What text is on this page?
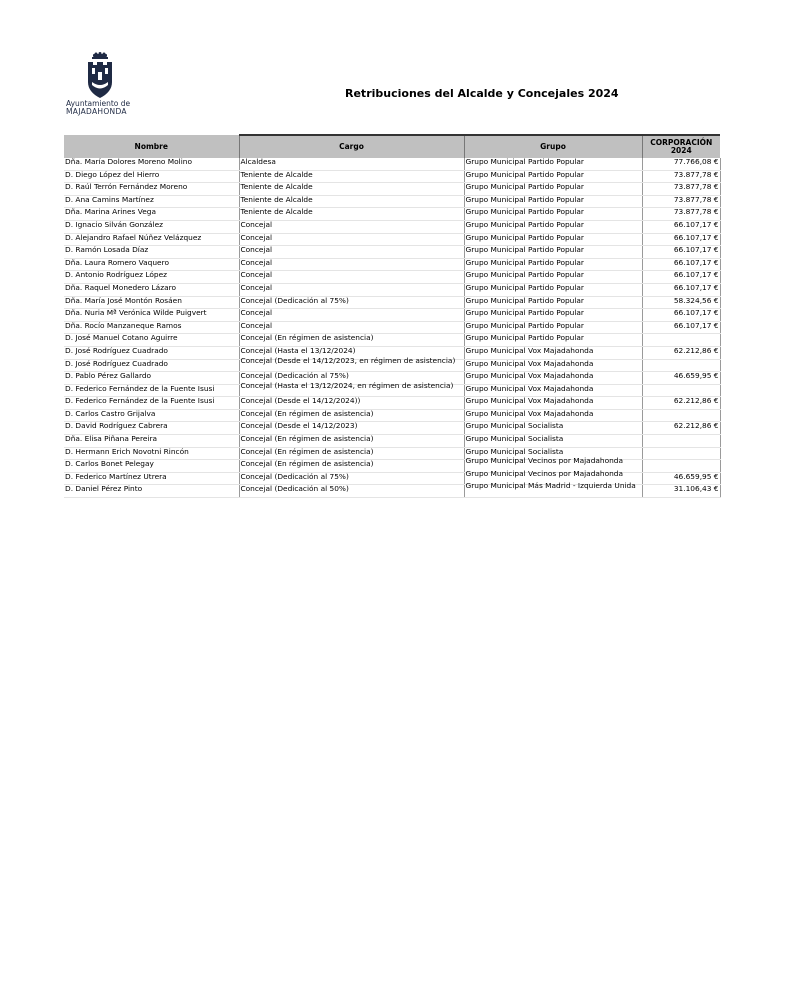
Ayuntamiento de
MAJADAHONDA
Retribuciones del Alcalde y Concejales 2024
Nombre	Cargo	Grupo	CORPORACIÓN 2024
Dña. María Dolores Moreno Molino	Alcaldesa	Grupo Municipal Partido Popular	77.766,08 €
D. Diego López del Hierro	Teniente de Alcalde	Grupo Municipal Partido Popular	73.877,78 €
D. Raúl Terrón Fernández Moreno	Teniente de Alcalde	Grupo Municipal Partido Popular	73.877,78 €
D. Ana Camins Martínez	Teniente de Alcalde	Grupo Municipal Partido Popular	73.877,78 €
Dña. Marina Arines Vega	Teniente de Alcalde	Grupo Municipal Partido Popular	73.877,78 €
D. Ignacio Silván González	Concejal	Grupo Municipal Partido Popular	66.107,17 €
D. Alejandro Rafael Núñez Velázquez	Concejal	Grupo Municipal Partido Popular	66.107,17 €
D. Ramón Losada Díaz	Concejal	Grupo Municipal Partido Popular	66.107,17 €
Dña. Laura Romero Vaquero	Concejal	Grupo Municipal Partido Popular	66.107,17 €
D. Antonio Rodríguez López	Concejal	Grupo Municipal Partido Popular	66.107,17 €
Dña. Raquel Monedero Lázaro	Concejal	Grupo Municipal Partido Popular	66.107,17 €
Dña. María José Montón Rosáen	Concejal (Dedicación al 75%)	Grupo Municipal Partido Popular	58.324,56 €
Dña. Nuria Mª Verónica Wilde Puigvert	Concejal	Grupo Municipal Partido Popular	66.107,17 €
Dña. Rocío Manzaneque Ramos	Concejal	Grupo Municipal Partido Popular	66.107,17 €
D. José Manuel Cotano Aguirre	Concejal (En régimen de asistencia)	Grupo Municipal Partido Popular	
D. José Rodríguez Cuadrado	Concejal (Hasta el 13/12/2024)	Grupo Municipal Vox Majadahonda	62.212,86 €
D. José Rodríguez Cuadrado	Concejal (Desde el 14/12/2023, en régimen de asistencia)	Grupo Municipal Vox Majadahonda	
D. Pablo Pérez Gallardo	Concejal (Dedicación al 75%)	Grupo Municipal Vox Majadahonda	46.659,95 €
D. Federico Fernández de la Fuente Isusi	Concejal (Hasta el 13/12/2024, en régimen de asistencia)	Grupo Municipal Vox Majadahonda	
D. Federico Fernández de la Fuente Isusi	Concejal (Desde el 14/12/2024))	Grupo Municipal Vox Majadahonda	62.212,86 €
D. Carlos Castro Grijalva	Concejal (En régimen de asistencia)	Grupo Municipal Vox Majadahonda	
D. David Rodríguez Cabrera	Concejal (Desde el 14/12/2023)	Grupo Municipal Socialista	62.212,86 €
Dña. Elisa Piñana Pereira	Concejal (En régimen de asistencia)	Grupo Municipal Socialista	
D. Hermann Erich Novotni Rincón	Concejal (En régimen de asistencia)	Grupo Municipal Socialista	
D. Carlos Bonet Pelegay	Concejal (En régimen de asistencia)	Grupo Municipal Vecinos por Majadahonda	

D. Federico Martínez Utrera	Concejal (Dedicación al 75%)	Grupo Municipal Vecinos por Majadahonda	46.659,95 €
D. Daniel Pérez Pinto	Concejal (Dedicación al 50%)	Grupo Municipal Más Madrid - Izquierda Unida	31.106,43 €
